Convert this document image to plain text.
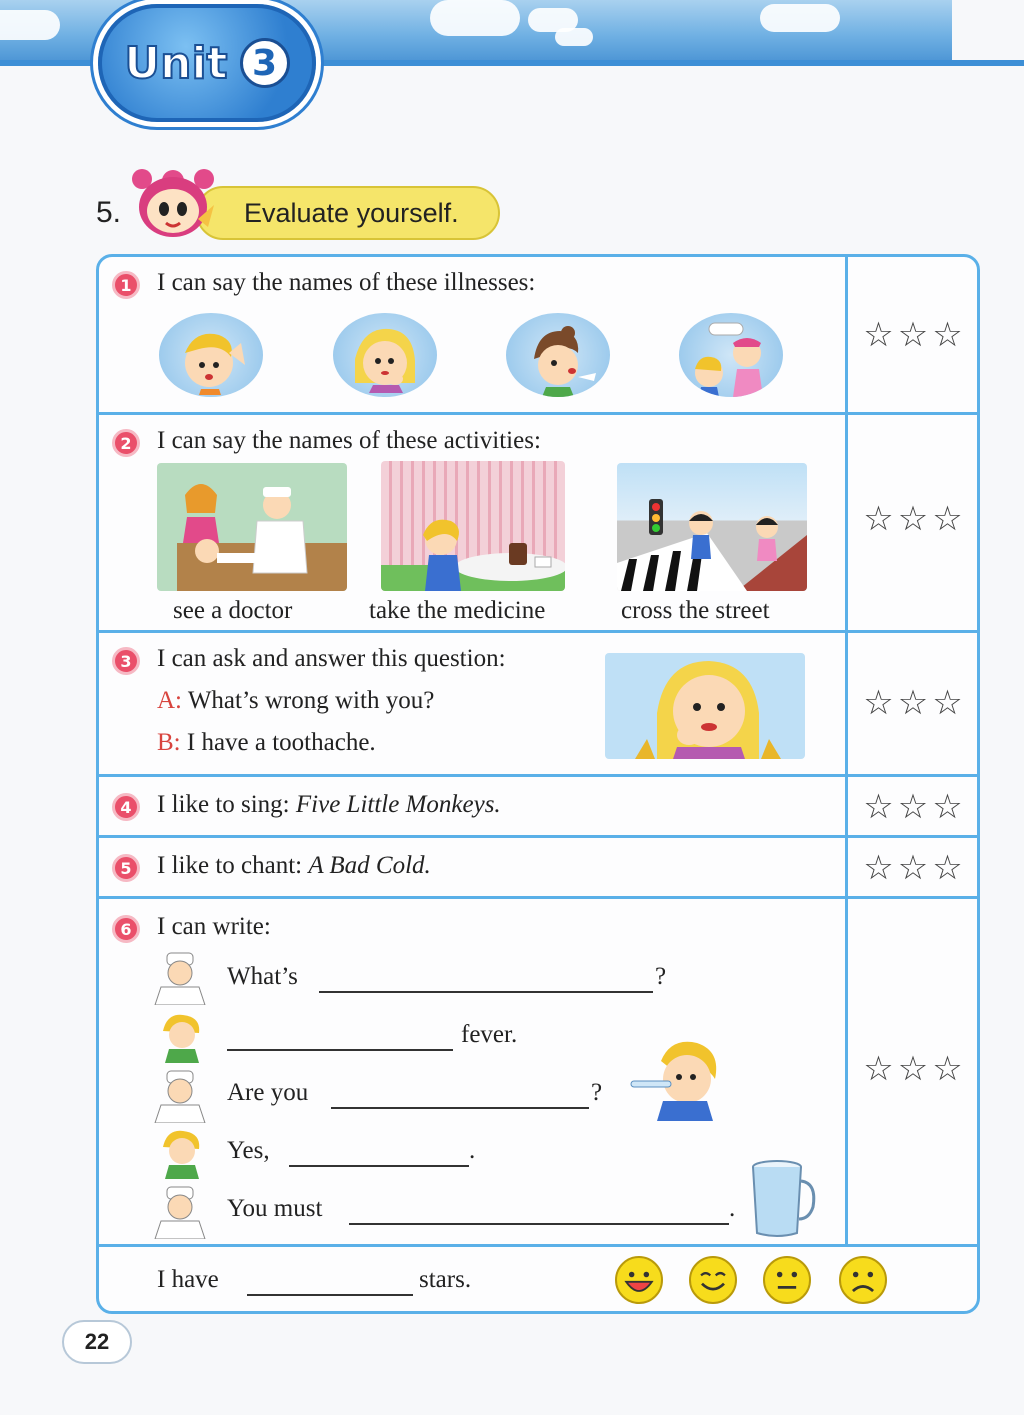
Unit 3
5.	Evaluate yourself.
1	I can say the names of these illnesses:
☆☆☆
2	I can say the names of these activities:
see a doctor	take the medicine	cross the street
☆☆☆
3	I can ask and answer this question:
A: What’s wrong with you?
B: I have a toothache.
☆☆☆
4	I like to sing: Five Little Monkeys.	☆☆☆
5	I like to chant: A Bad Cold.	☆☆☆
6	I can write:
What’s	?
fever.
Are you	?
Yes,	.
You must	.
☆☆☆
I have	stars.
22
